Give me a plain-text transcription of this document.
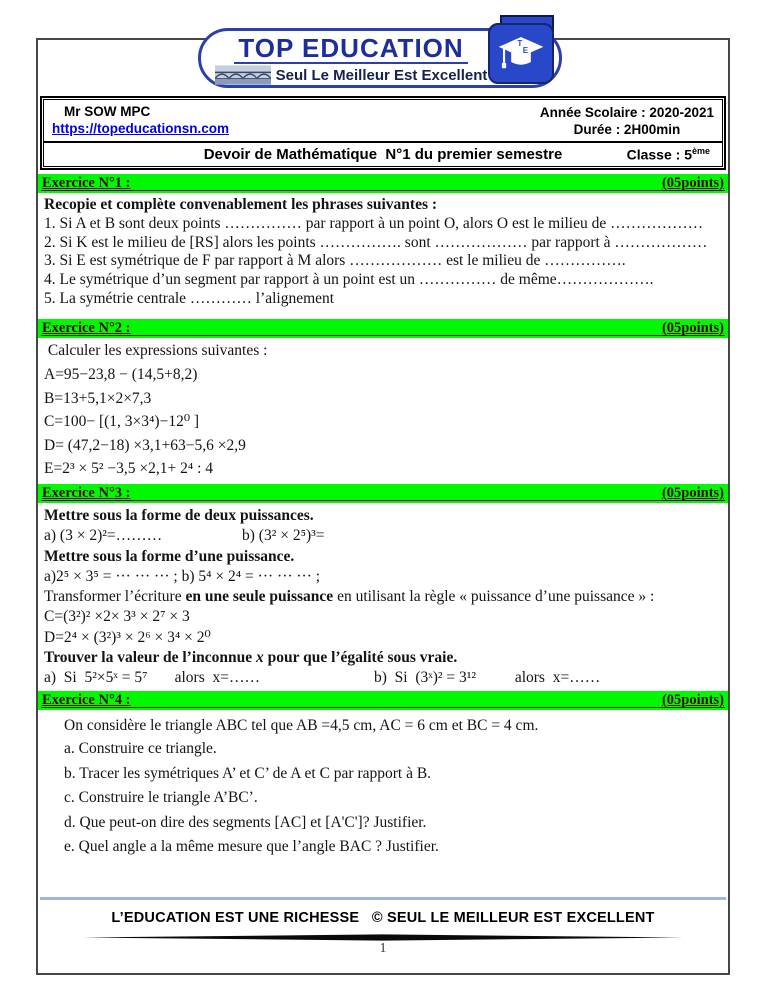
Mr SOW MPC
https://topeducationsn.com
Année Scolaire : 2020-2021
Durée : 2H00min
Devoir de Mathématique  N°1 du premier semestre	Classe : 5ème
Exercice N°1 :	(05points)
Recopie et complète convenablement les phrases suivantes :
1. Si A et B sont deux points …………… par rapport à un point O, alors O est le milieu de ………………
2. Si K est le milieu de [RS] alors les points ……………. sont ……………… par rapport à ………………
3. Si E est symétrique de F par rapport à M alors ……………… est le milieu de …………….
4. Le symétrique d’un segment par rapport à un point est un …………… de même……………….
5. La symétrie centrale ………… l’alignement
Exercice N°2 :	(05points)
Calculer les expressions suivantes :
A=95−23,8 − (14,5+8,2)
B=13+5,1×2×7,3
C=100− [(1, 3×3⁴)−12⁰ ]
D= (47,2−18) ×3,1+63−5,6 ×2,9
E=2³ × 5² −3,5 ×2,1+ 2⁴ : 4
Exercice N°3 :	(05points)
Mettre sous la forme de deux puissances.
a) (3 × 2)²=………	b) (3² × 2⁵)³=
Mettre sous la forme d’une puissance.
a)2⁵ × 3⁵ = ··· ··· ··· ; b) 5⁴ × 2⁴ = ··· ··· ··· ;
Transformer l’écriture en une seule puissance en utilisant la règle « puissance d’une puissance » :
C=(3²)² ×2× 3³ × 2⁷ × 3
D=2⁴ × (3²)³ × 2⁶ × 3⁴ × 2⁰
Trouver la valeur de l’inconnue x pour que l’égalité sous vraie.
a)  Si  5²×5ˣ = 5⁷       alors  x=……	b)  Si  (3ˣ)² = 3¹²          alors  x=……
Exercice N°4 :	(05points)
On considère le triangle ABC tel que AB =4,5 cm, AC = 6 cm et BC = 4 cm.
a. Construire ce triangle.
b. Tracer les symétriques A’ et C’ de A et C par rapport à B.
c. Construire le triangle A’BC’.
d. Que peut-on dire des segments [AC] et [A'C']? Justifier.
e. Quel angle a la même mesure que l’angle BAC ? Justifier.
L’EDUCATION EST UNE RICHESSE   © SEUL LE MEILLEUR EST EXCELLENT
1
TOP EDUCATION
Seul Le Meilleur Est Excellent
T
E
